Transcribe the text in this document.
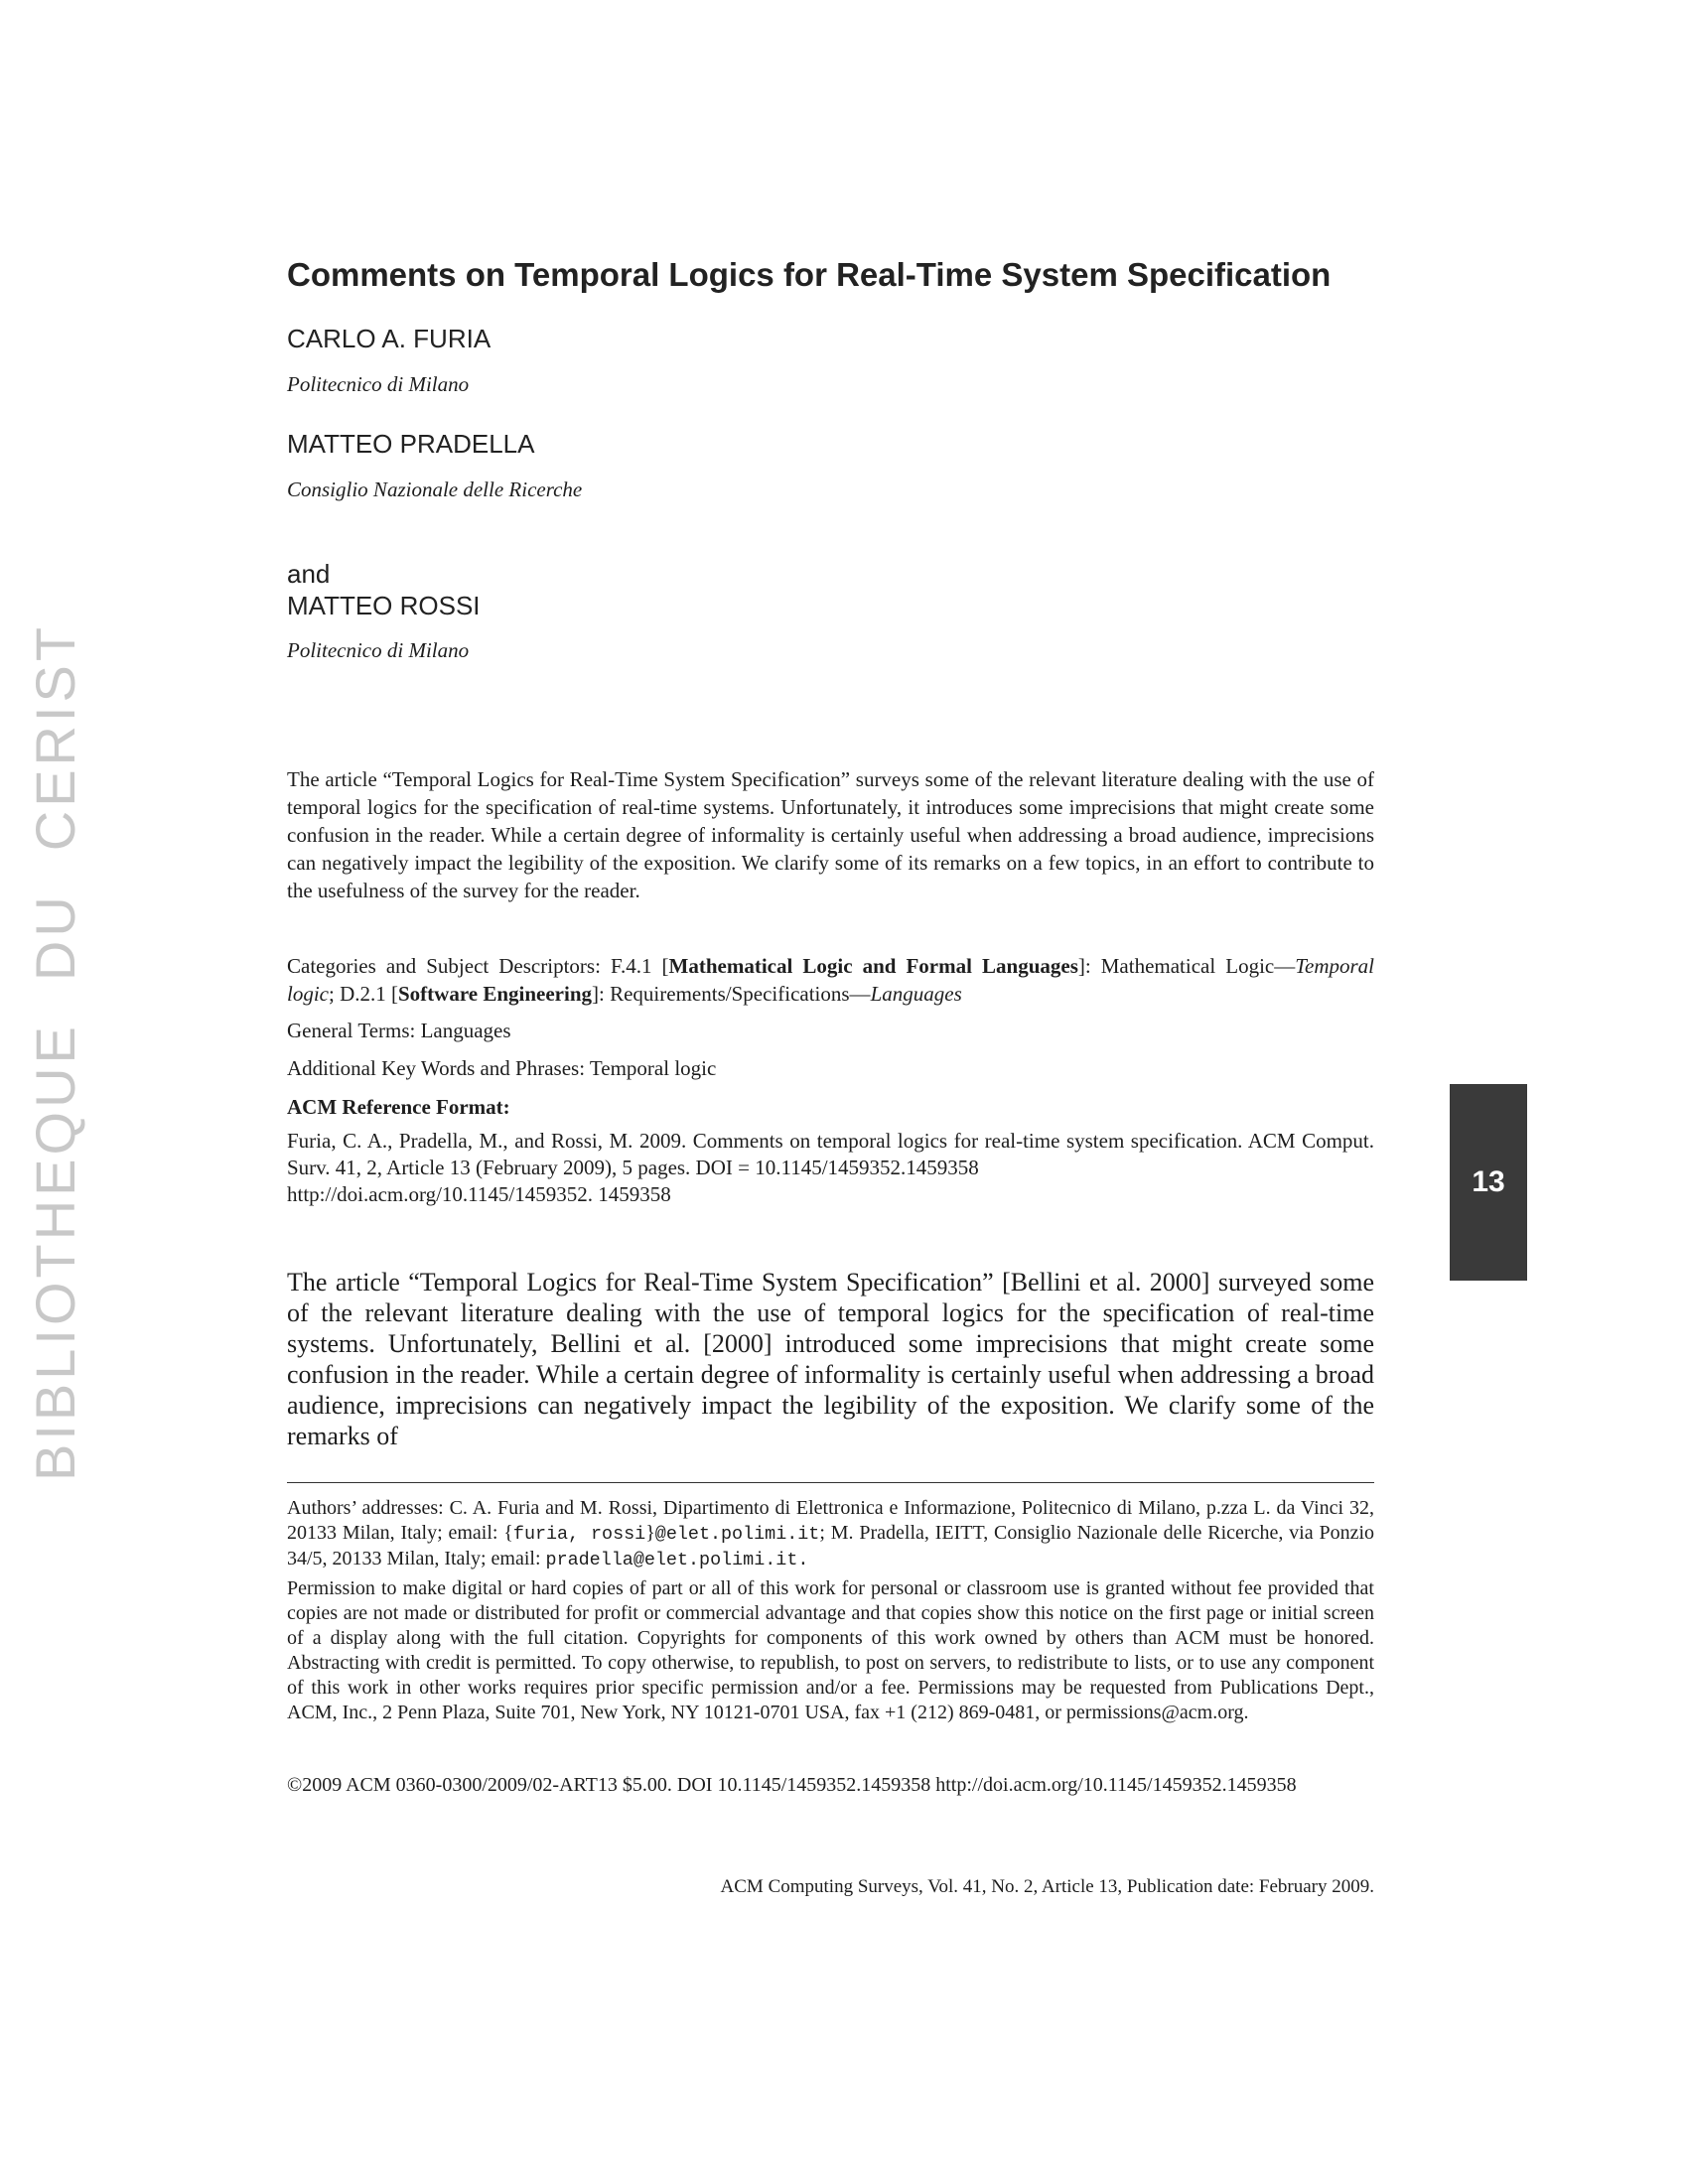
BIBLIOTHEQUEDUCERIST
13
Comments on Temporal Logics for Real-Time System Specification

CARLO A. FURIA

Politecnico di Milano

MATTEO PRADELLA

Consiglio Nazionale delle Ricerche

and

MATTEO ROSSI

Politecnico di Milano

The article “Temporal Logics for Real-Time System Specification” surveys some of the relevant literature dealing with the use of temporal logics for the specification of real-time systems. Unfortunately, it introduces some imprecisions that might create some confusion in the reader. While a certain degree of informality is certainly useful when addressing a broad audience, imprecisions can negatively impact the legibility of the exposition. We clarify some of its remarks on a few topics, in an effort to contribute to the usefulness of the survey for the reader.

Categories and Subject Descriptors: F.4.1 [Mathematical Logic and Formal Languages]: Mathematical Logic—Temporal logic; D.2.1 [Software Engineering]: Requirements/Specifications—Languages

General Terms: Languages

Additional Key Words and Phrases: Temporal logic

ACM Reference Format:

Furia, C. A., Pradella, M., and Rossi, M. 2009. Comments on temporal logics for real-time system specification. ACM Comput. Surv. 41, 2, Article 13 (February 2009), 5 pages. DOI = 10.1145/1459352.1459358
http://doi.acm.org/10.1145/1459352. 1459358

The article “Temporal Logics for Real-Time System Specification” [Bellini et al. 2000] surveyed some of the relevant literature dealing with the use of temporal logics for the specification of real-time systems. Unfortunately, Bellini et al. [2000] introduced some imprecisions that might create some confusion in the reader. While a certain degree of informality is certainly useful when addressing a broad audience, imprecisions can negatively impact the legibility of the exposition. We clarify some of the remarks of

Authors’ addresses: C. A. Furia and M. Rossi, Dipartimento di Elettronica e Informazione, Politecnico di Milano, p.zza L. da Vinci 32, 20133 Milan, Italy; email: {furia, rossi}@elet.polimi.it; M. Pradella, IEITT, Consiglio Nazionale delle Ricerche, via Ponzio 34/5, 20133 Milan, Italy; email: pradella@elet.polimi.it.

Permission to make digital or hard copies of part or all of this work for personal or classroom use is granted without fee provided that copies are not made or distributed for profit or commercial advantage and that copies show this notice on the first page or initial screen of a display along with the full citation. Copyrights for components of this work owned by others than ACM must be honored. Abstracting with credit is permitted. To copy otherwise, to republish, to post on servers, to redistribute to lists, or to use any component of this work in other works requires prior specific permission and/or a fee. Permissions may be requested from Publications Dept., ACM, Inc., 2 Penn Plaza, Suite 701, New York, NY 10121-0701 USA, fax +1 (212) 869-0481, or permissions@acm.org.

©2009 ACM 0360-0300/2009/02-ART13 $5.00. DOI 10.1145/1459352.1459358 http://doi.acm.org/10.1145/1459352.1459358

ACM Computing Surveys, Vol. 41, No. 2, Article 13, Publication date: February 2009.
